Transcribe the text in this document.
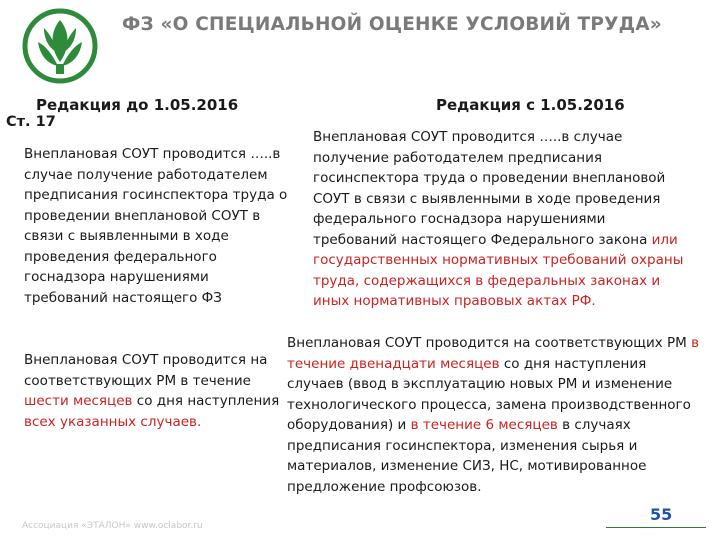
ФЗ «О СПЕЦИАЛЬНОЙ ОЦЕНКЕ УСЛОВИЙ ТРУДА»
Редакция до 1.05.2016	Редакция с 1.05.2016
Ст. 17
Внеплановая СОУТ проводится …..в случае получение работодателем предписания госинспектора труда о проведении внеплановой СОУТ в связи с выявленными в ходе проведения федерального госнадзора нарушениями требований настоящего ФЗ
Внеплановая СОУТ проводится на соответствующих РМ в течение шести месяцев со дня наступления всех указанных случаев.
Внеплановая СОУТ проводится …..в случае получение работодателем предписания госинспектора труда о проведении внеплановой СОУТ в связи с выявленными в ходе проведения федерального госнадзора нарушениями требований настоящего Федерального закона или государственных нормативных требований охраны труда, содержащихся в федеральных законах и иных нормативных правовых актах РФ.
Внеплановая СОУТ проводится на соответствующих РМ в течение двенадцати месяцев со дня наступления случаев (ввод в эксплуатацию новых РМ и изменение технологического процесса, замена производственного оборудования) и в течение 6 месяцев в случаях предписания госинспектора, изменения сырья и материалов, изменение СИЗ, НС, мотивированное предложение профсоюзов.
Ассоциация «ЭТАЛОН» www.oclabor.ru
55
